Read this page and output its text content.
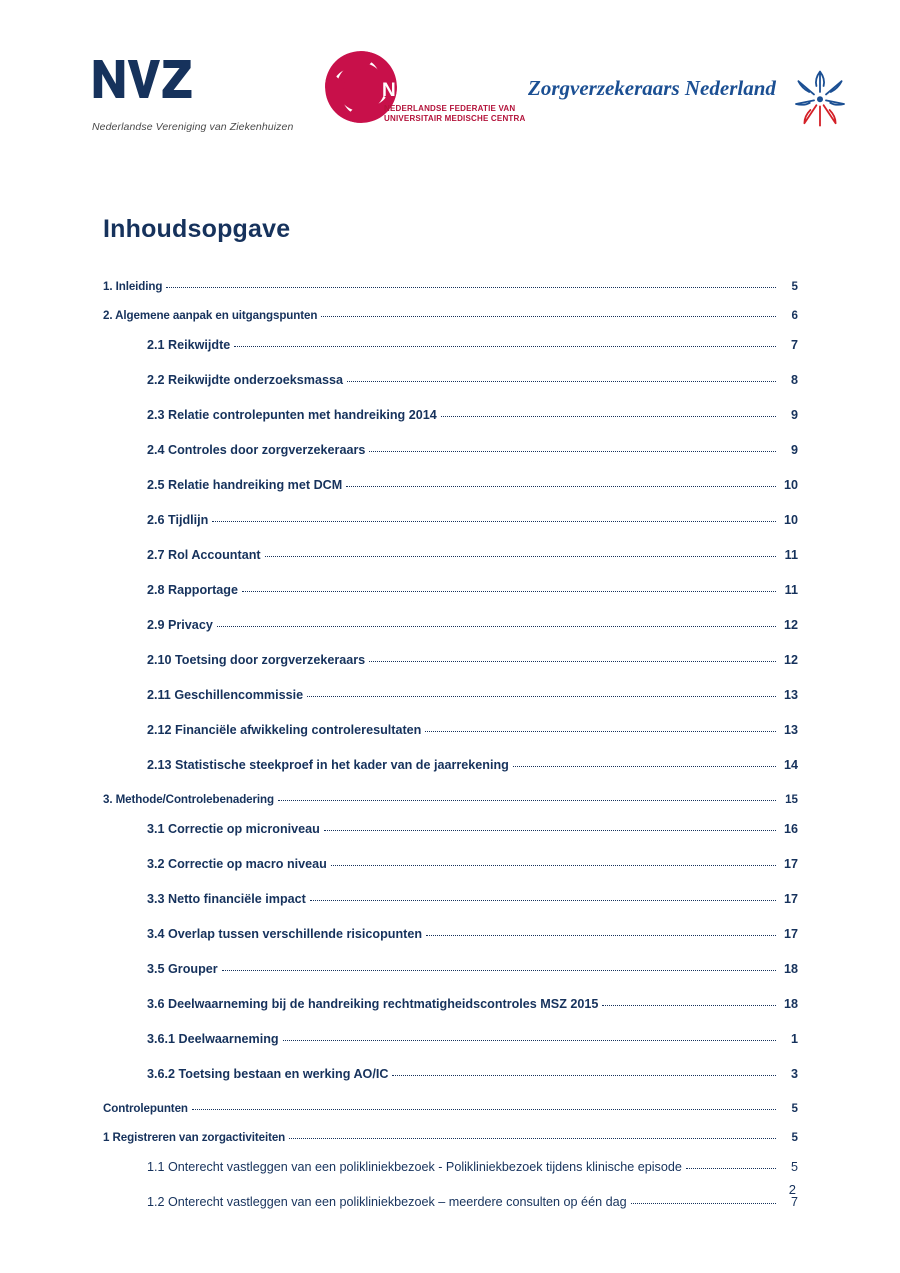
Nederlandse Vereniging van Ziekenhuizen
NFU
NEDERLANDSE FEDERATIE VAN
UNIVERSITAIR MEDISCHE CENTRA
Zorgverzekeraars Nederland
Inhoudsopgave
1. Inleiding	5
2. Algemene aanpak en uitgangspunten	6
2.1 Reikwijdte	7
2.2 Reikwijdte onderzoeksmassa	8
2.3 Relatie controlepunten met handreiking 2014	9
2.4 Controles door zorgverzekeraars	9
2.5 Relatie handreiking met DCM	10
2.6 Tijdlijn	10
2.7 Rol Accountant	11
2.8 Rapportage	11
2.9 Privacy	12
2.10 Toetsing door zorgverzekeraars	12
2.11 Geschillencommissie	13
2.12 Financiële afwikkeling controleresultaten	13
2.13 Statistische steekproef in het kader van de jaarrekening	14
3. Methode/Controlebenadering	15
3.1 Correctie op microniveau	16
3.2 Correctie op macro niveau	17
3.3 Netto financiële impact	17
3.4 Overlap tussen verschillende risicopunten	17
3.5 Grouper	18
3.6 Deelwaarneming bij de handreiking rechtmatigheidscontroles MSZ 2015	18
3.6.1 Deelwaarneming	1
3.6.2 Toetsing bestaan en werking AO/IC	3
Controlepunten	5
1 Registreren van zorgactiviteiten	5
1.1 Onterecht vastleggen van een polikliniekbezoek - Polikliniekbezoek tijdens klinische episode	5
1.2 Onterecht vastleggen van een polikliniekbezoek – meerdere consulten op één dag	7
2
